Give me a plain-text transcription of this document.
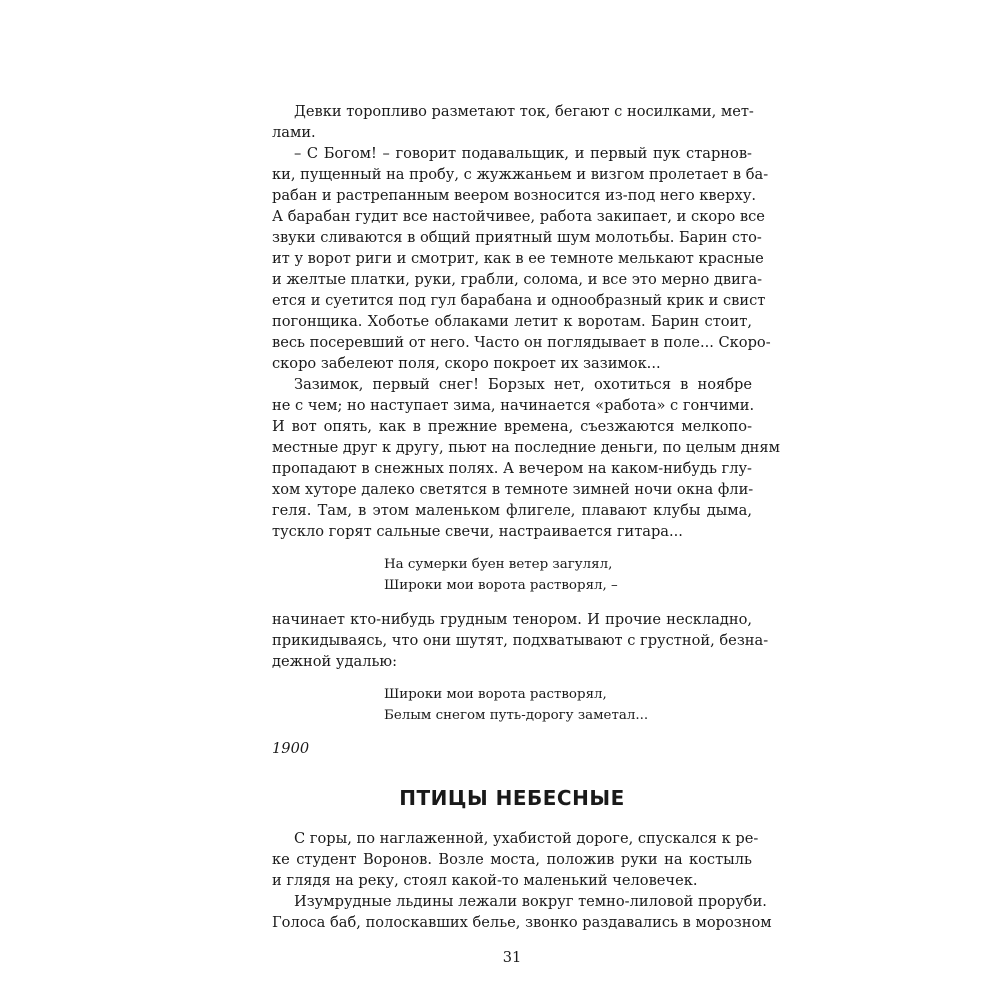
Девки торопливо разметают ток, бегают с носилками, мет-
лами.
– С Богом! – говорит подавальщик, и первый пук старнов-
ки, пущенный на пробу, с жужжаньем и визгом пролетает в ба-
рабан и растрепанным веером возносится из-под него кверху.
А барабан гудит все настойчивее, работа закипает, и скоро все
звуки сливаются в общий приятный шум молотьбы. Барин сто-
ит у ворот риги и смотрит, как в ее темноте мелькают красные
и желтые платки, руки, грабли, солома, и все это мерно двига-
ется и суетится под гул барабана и однообразный крик и свист
погонщика. Хоботье облаками летит к воротам. Барин стоит,
весь посеревший от него. Часто он поглядывает в поле... Скоро-
скоро забелеют поля, скоро покроет их зазимок...
Зазимок, первый снег! Борзых нет, охотиться в ноябре
не с чем; но наступает зима, начинается «работа» с гончими.
И вот опять, как в прежние времена, съезжаются мелкопо-
местные друг к другу, пьют на последние деньги, по целым дням
пропадают в снежных полях. А вечером на каком-нибудь глу-
хом хуторе далеко светятся в темноте зимней ночи окна фли-
геля. Там, в этом маленьком флигеле, плавают клубы дыма,
тускло горят сальные свечи, настраивается гитара...
На сумерки буен ветер загулял,
Широки мои ворота растворял, –
начинает кто-нибудь грудным тенором. И прочие нескладно,
прикидываясь, что они шутят, подхватывают с грустной, безна-
дежной удалью:
Широки мои ворота растворял,
Белым снегом путь-дорогу заметал...
1900
ПТИЦЫ НЕБЕСНЫЕ
С горы, по наглаженной, ухабистой дороге, спускался к ре-
ке студент Воронов. Возле моста, положив руки на костыль
и глядя на реку, стоял какой-то маленький человечек.
Изумрудные льдины лежали вокруг темно-лиловой проруби.
Голоса баб, полоскавших белье, звонко раздавались в морозном
31
